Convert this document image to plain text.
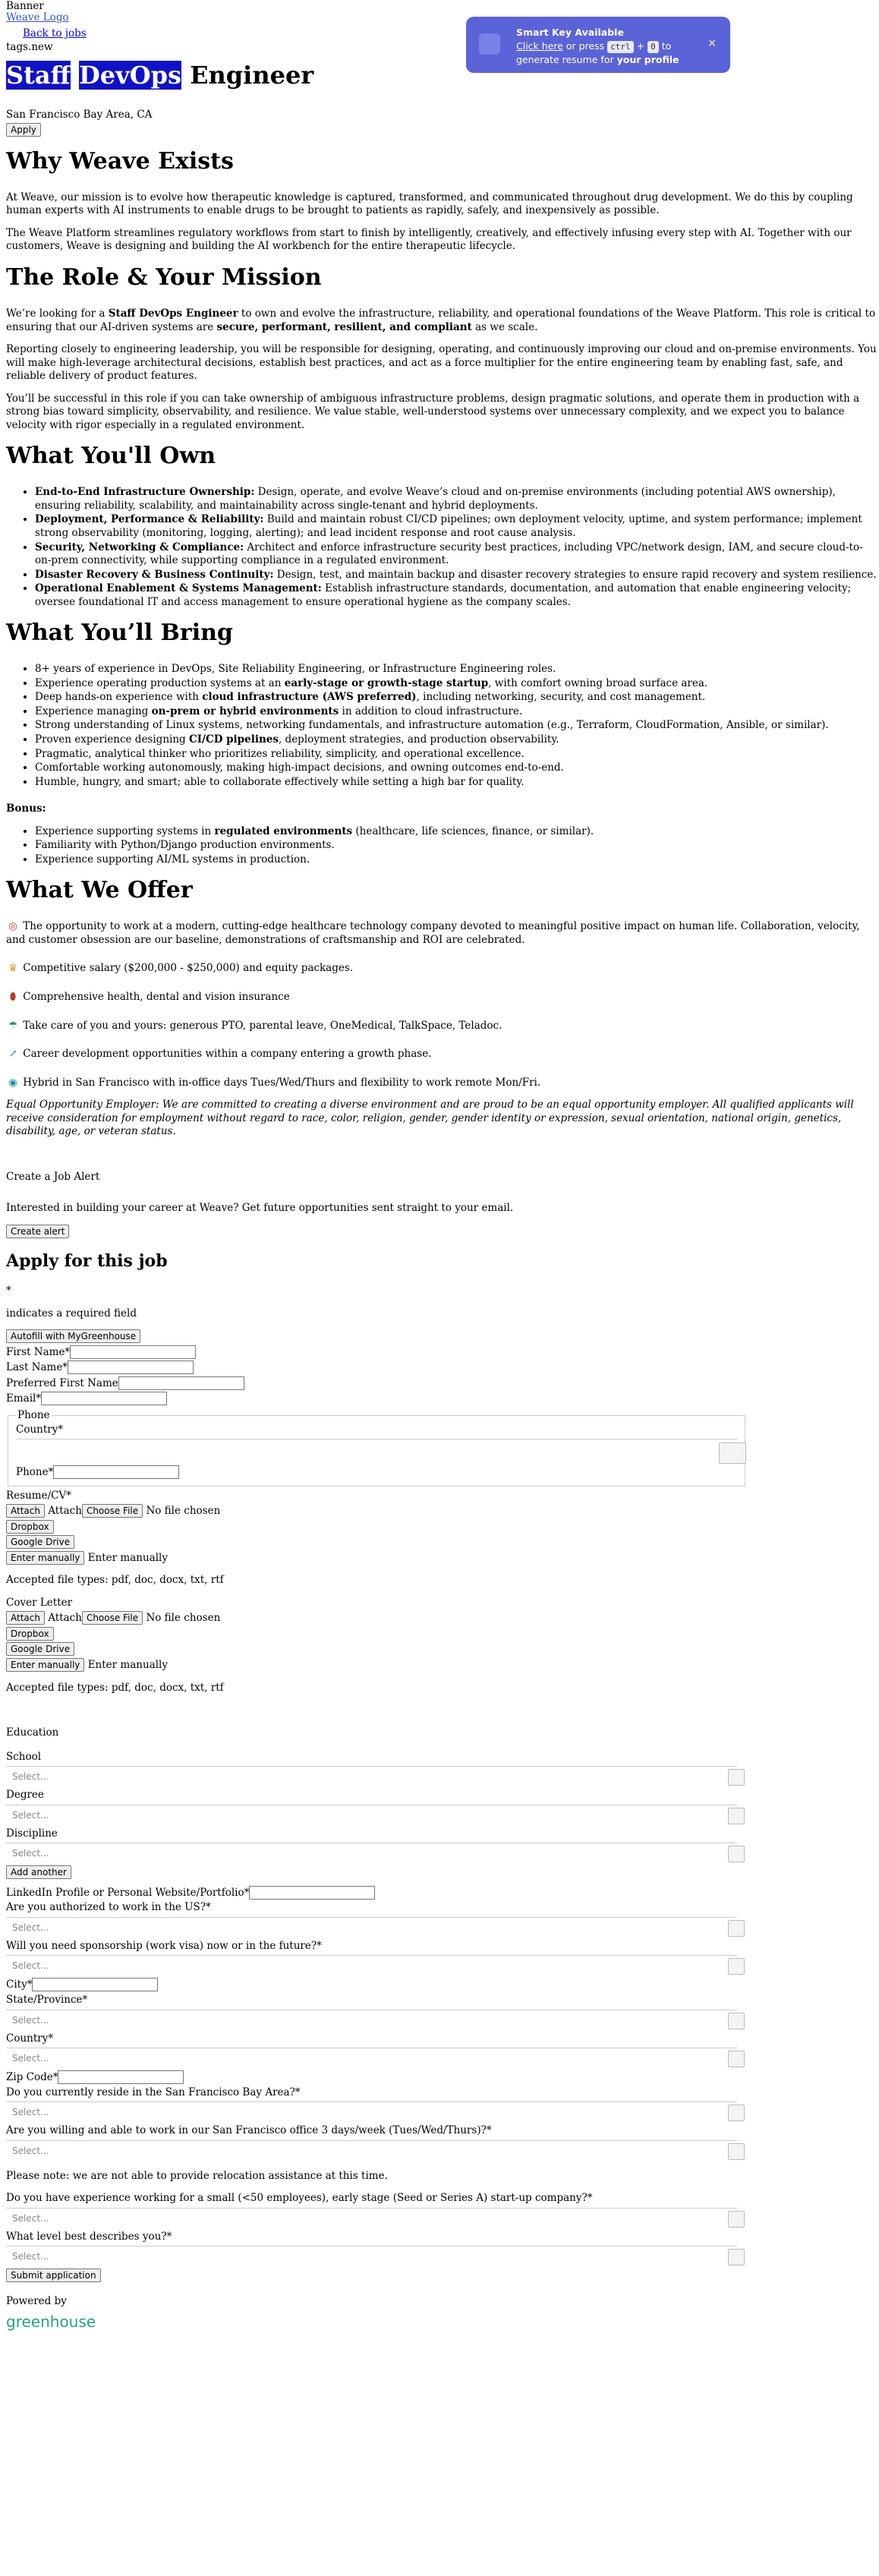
Smart Key Available
Click here or press ctrl + 0 to
generate resume for your profile
×
Banner
Weave Logo
Back to jobs
tags.new
Staff DevOps Engineer
San Francisco Bay Area, CA
Apply
Why Weave Exists

At Weave, our mission is to evolve how therapeutic knowledge is captured, transformed, and communicated throughout drug development. We do this by coupling human experts with AI instruments to enable drugs to be brought to patients as rapidly, safely, and inexpensively as possible.

The Weave Platform streamlines regulatory workflows from start to finish by intelligently, creatively, and effectively infusing every step with AI. Together with our customers, Weave is designing and building the AI workbench for the entire therapeutic lifecycle.

The Role & Your Mission

We’re looking for a Staff DevOps Engineer to own and evolve the infrastructure, reliability, and operational foundations of the Weave Platform. This role is critical to ensuring that our AI-driven systems are secure, performant, resilient, and compliant as we scale.

Reporting closely to engineering leadership, you will be responsible for designing, operating, and continuously improving our cloud and on-premise environments. You will make high-leverage architectural decisions, establish best practices, and act as a force multiplier for the entire engineering team by enabling fast, safe, and reliable delivery of product features.

You’ll be successful in this role if you can take ownership of ambiguous infrastructure problems, design pragmatic solutions, and operate them in production with a strong bias toward simplicity, observability, and resilience. We value stable, well-understood systems over unnecessary complexity, and we expect you to balance velocity with rigor especially in a regulated environment.

What You'll Own
• End-to-End Infrastructure Ownership: Design, operate, and evolve Weave’s cloud and on-premise environments (including potential AWS ownership), ensuring reliability, scalability, and maintainability across single-tenant and hybrid deployments.
• Deployment, Performance & Reliability: Build and maintain robust CI/CD pipelines; own deployment velocity, uptime, and system performance; implement strong observability (monitoring, logging, alerting); and lead incident response and root cause analysis.
• Security, Networking & Compliance: Architect and enforce infrastructure security best practices, including VPC/network design, IAM, and secure cloud-to-on-prem connectivity, while supporting compliance in a regulated environment.
• Disaster Recovery & Business Continuity: Design, test, and maintain backup and disaster recovery strategies to ensure rapid recovery and system resilience.
• Operational Enablement & Systems Management: Establish infrastructure standards, documentation, and automation that enable engineering velocity; oversee foundational IT and access management to ensure operational hygiene as the company scales.
What You’ll Bring
• 8+ years of experience in DevOps, Site Reliability Engineering, or Infrastructure Engineering roles.
• Experience operating production systems at an early-stage or growth-stage startup, with comfort owning broad surface area.
• Deep hands-on experience with cloud infrastructure (AWS preferred), including networking, security, and cost management.
• Experience managing on-prem or hybrid environments in addition to cloud infrastructure.
• Strong understanding of Linux systems, networking fundamentals, and infrastructure automation (e.g., Terraform, CloudFormation, Ansible, or similar).
• Proven experience designing CI/CD pipelines, deployment strategies, and production observability.
• Pragmatic, analytical thinker who prioritizes reliability, simplicity, and operational excellence.
• Comfortable working autonomously, making high-impact decisions, and owning outcomes end-to-end.
• Humble, hungry, and smart; able to collaborate effectively while setting a high bar for quality.

Bonus:

• Experience supporting systems in regulated environments (healthcare, life sciences, finance, or similar).
• Familiarity with Python/Django production environments.
• Experience supporting AI/ML systems in production.
What We Offer

◎ The opportunity to work at a modern, cutting-edge healthcare technology company devoted to meaningful positive impact on human life. Collaboration, velocity, and customer obsession are our baseline, demonstrations of craftsmanship and ROI are celebrated.

♛ Competitive salary ($200,000 - $250,000) and equity packages.

⬮ Comprehensive health, dental and vision insurance

☂ Take care of you and yours: generous PTO, parental leave, OneMedical, TalkSpace, Teladoc.

↗ Career development opportunities within a company entering a growth phase.

◉ Hybrid in San Francisco with in-office days Tues/Wed/Thurs and flexibility to work remote Mon/Fri.

Equal Opportunity Employer: We are committed to creating a diverse environment and are proud to be an equal opportunity employer. All qualified applicants will receive consideration for employment without regard to race, color, religion, gender, gender identity or expression, sexual orientation, national origin, genetics, disability, age, or veteran status.

Create a Job Alert

Interested in building your career at Weave? Get future opportunities sent straight to your email.

Create alert
Apply for this job
*

indicates a required field

Autofill with MyGreenhouse
First Name*
Last Name*
Preferred First Name
Email*
Phone
Country*
Phone*
Resume/CV*
Attach Attach Choose File No file chosen
Dropbox
Google Drive
Enter manually Enter manually

Accepted file types: pdf, doc, docx, txt, rtf

Cover Letter
Attach Attach Choose File No file chosen
Dropbox
Google Drive
Enter manually Enter manually

Accepted file types: pdf, doc, docx, txt, rtf

Education
School
Select...
Degree
Select...
Discipline
Select...
Add another
LinkedIn Profile or Personal Website/Portfolio*
Are you authorized to work in the US?*
Select...
Will you need sponsorship (work visa) now or in the future?*
Select...
City*
State/Province*
Select...
Country*
Select...
Zip Code*
Do you currently reside in the San Francisco Bay Area?*
Select...
Are you willing and able to work in our San Francisco office 3 days/week (Tues/Wed/Thurs)?*
Select...

Please note: we are not able to provide relocation assistance at this time.

Do you have experience working for a small (<50 employees), early stage (Seed or Series A) start-up company?*
Select...
What level best describes you?*
Select...
Submit application

Powered by

greenhouse
